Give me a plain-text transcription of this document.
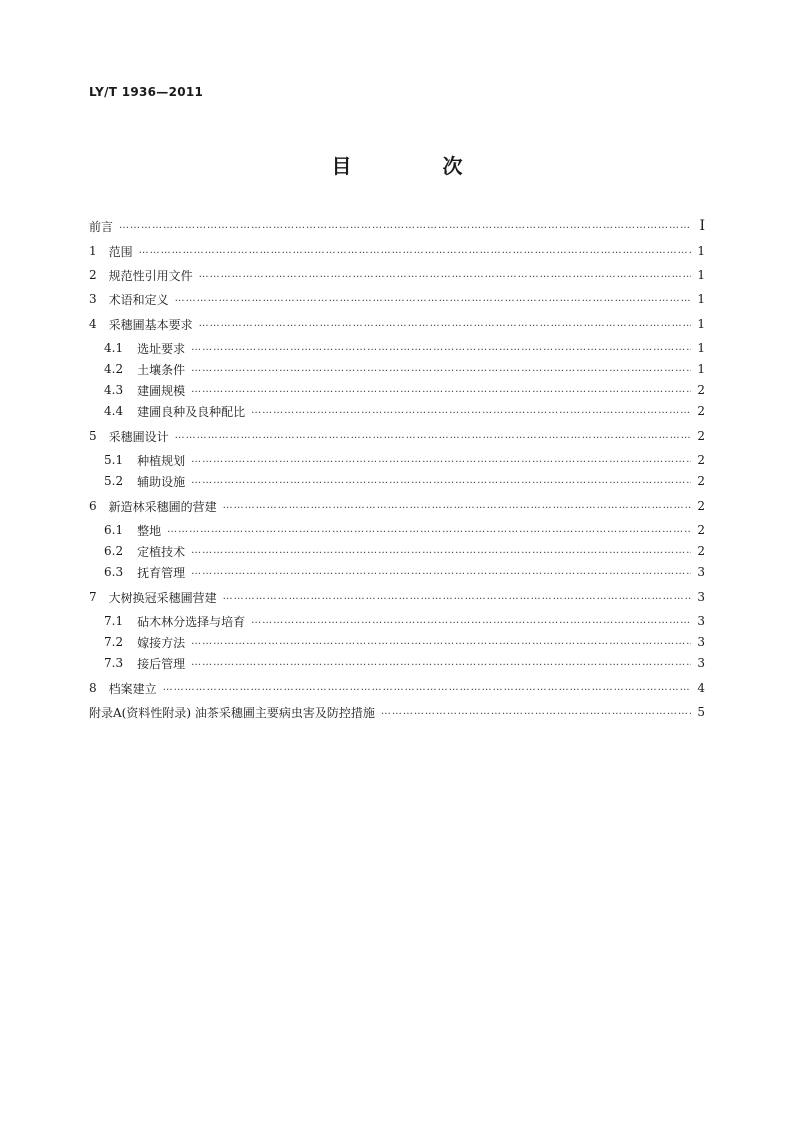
LY/T 1936—2011
目 次
前言 ………………………………………………………………………………………………………………………………………………………………………………………………………………………………………………………………………………………	Ⅰ
1 范围 ………………………………………………………………………………………………………………………………………………………………………………………………………………………………………………………………………………………	1
2 规范性引用文件 ………………………………………………………………………………………………………………………………………………………………………………………………………………………………………………………………………………………	1
3 术语和定义 ………………………………………………………………………………………………………………………………………………………………………………………………………………………………………………………………………………………	1
4 采穗圃基本要求 ………………………………………………………………………………………………………………………………………………………………………………………………………………………………………………………………………………………	1
4.1 选址要求 ………………………………………………………………………………………………………………………………………………………………………………………………………………………………………………………………………………………	1
4.2 土壤条件 ………………………………………………………………………………………………………………………………………………………………………………………………………………………………………………………………………………………	1
4.3 建圃规模 ………………………………………………………………………………………………………………………………………………………………………………………………………………………………………………………………………………………	2
4.4 建圃良种及良种配比 ………………………………………………………………………………………………………………………………………………………………………………………………………………………………………………………………………………………	2
5 采穗圃设计 ………………………………………………………………………………………………………………………………………………………………………………………………………………………………………………………………………………………	2
5.1 种植规划 ………………………………………………………………………………………………………………………………………………………………………………………………………………………………………………………………………………………	2
5.2 辅助设施 ………………………………………………………………………………………………………………………………………………………………………………………………………………………………………………………………………………………	2
6 新造林采穗圃的营建 ………………………………………………………………………………………………………………………………………………………………………………………………………………………………………………………………………………………	2
6.1 整地 ………………………………………………………………………………………………………………………………………………………………………………………………………………………………………………………………………………………	2
6.2 定植技术 ………………………………………………………………………………………………………………………………………………………………………………………………………………………………………………………………………………………	2
6.3 抚育管理 ………………………………………………………………………………………………………………………………………………………………………………………………………………………………………………………………………………………	3
7 大树换冠采穗圃营建 ………………………………………………………………………………………………………………………………………………………………………………………………………………………………………………………………………………………	3
7.1 砧木林分选择与培育 ………………………………………………………………………………………………………………………………………………………………………………………………………………………………………………………………………………………	3
7.2 嫁接方法 ………………………………………………………………………………………………………………………………………………………………………………………………………………………………………………………………………………………	3
7.3 接后管理 ………………………………………………………………………………………………………………………………………………………………………………………………………………………………………………………………………………………	3
8 档案建立 ………………………………………………………………………………………………………………………………………………………………………………………………………………………………………………………………………………………	4
附录A(资料性附录) 油茶采穗圃主要病虫害及防控措施 ………………………………………………………………………………………………………………………………………………………………………………………………………………………………………………………………………………………	5
